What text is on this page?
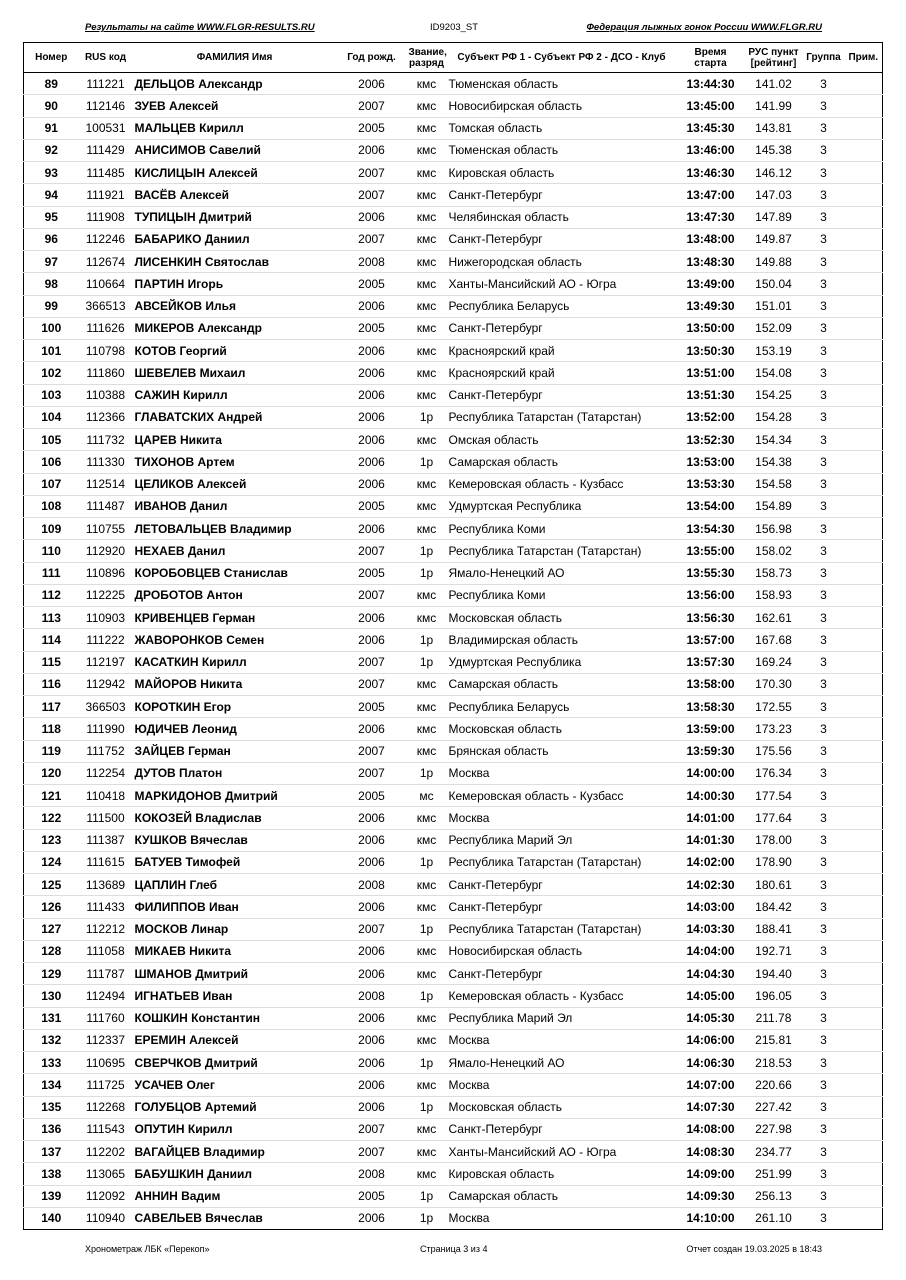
Результаты на сайте WWW.FLGR-RESULTS.RU	ID9203_ST	Федерация лыжных гонок России WWW.FLGR.RU
Номер	RUS код	ФАМИЛИЯ Имя	Год рожд.	Звание, разряд	Субъект РФ 1 - Субъект РФ 2 - ДСО - Клуб	Время старта	РУС пункт [рейтинг]	Группа	Прим.
89	111221	ДЕЛЬЦОВ Александр	2006	кмс	Тюменская область	13:44:30	141.02	3	
90	112146	ЗУЕВ Алексей	2007	кмс	Новосибирская область	13:45:00	141.99	3	
91	100531	МАЛЬЦЕВ Кирилл	2005	кмс	Томская область	13:45:30	143.81	3	
92	111429	АНИСИМОВ Савелий	2006	кмс	Тюменская область	13:46:00	145.38	3	
93	111485	КИСЛИЦЫН Алексей	2007	кмс	Кировская область	13:46:30	146.12	3	
94	111921	ВАСЁВ Алексей	2007	кмс	Санкт-Петербург	13:47:00	147.03	3	
95	111908	ТУПИЦЫН Дмитрий	2006	кмс	Челябинская область	13:47:30	147.89	3	
96	112246	БАБАРИКО Даниил	2007	кмс	Санкт-Петербург	13:48:00	149.87	3	
97	112674	ЛИСЕНКИН Святослав	2008	кмс	Нижегородская область	13:48:30	149.88	3	
98	110664	ПАРТИН Игорь	2005	кмс	Ханты-Мансийский АО - Югра	13:49:00	150.04	3	
99	366513	АВСЕЙКОВ Илья	2006	кмс	Республика Беларусь	13:49:30	151.01	3	
100	111626	МИКЕРОВ Александр	2005	кмс	Санкт-Петербург	13:50:00	152.09	3	
101	110798	КОТОВ Георгий	2006	кмс	Красноярский край	13:50:30	153.19	3	
102	111860	ШЕВЕЛЕВ Михаил	2006	кмс	Красноярский край	13:51:00	154.08	3	
103	110388	САЖИН Кирилл	2006	кмс	Санкт-Петербург	13:51:30	154.25	3	
104	112366	ГЛАВАТСКИХ Андрей	2006	1р	Республика Татарстан (Татарстан)	13:52:00	154.28	3	
105	111732	ЦАРЕВ Никита	2006	кмс	Омская область	13:52:30	154.34	3	
106	111330	ТИХОНОВ Артем	2006	1р	Самарская область	13:53:00	154.38	3	
107	112514	ЦЕЛИКОВ Алексей	2006	кмс	Кемеровская область - Кузбасс	13:53:30	154.58	3	
108	111487	ИВАНОВ Данил	2005	кмс	Удмуртская Республика	13:54:00	154.89	3	
109	110755	ЛЕТОВАЛЬЦЕВ Владимир	2006	кмс	Республика Коми	13:54:30	156.98	3	
110	112920	НЕХАЕВ Данил	2007	1р	Республика Татарстан (Татарстан)	13:55:00	158.02	3	
111	110896	КОРОБОВЦЕВ Станислав	2005	1р	Ямало-Ненецкий АО	13:55:30	158.73	3	
112	112225	ДРОБОТОВ Антон	2007	кмс	Республика Коми	13:56:00	158.93	3	
113	110903	КРИВЕНЦЕВ Герман	2006	кмс	Московская область	13:56:30	162.61	3	
114	111222	ЖАВОРОНКОВ Семен	2006	1р	Владимирская область	13:57:00	167.68	3	
115	112197	КАСАТКИН Кирилл	2007	1р	Удмуртская Республика	13:57:30	169.24	3	
116	112942	МАЙОРОВ Никита	2007	кмс	Самарская область	13:58:00	170.30	3	
117	366503	КОРОТКИН Егор	2005	кмс	Республика Беларусь	13:58:30	172.55	3	
118	111990	ЮДИЧЕВ Леонид	2006	кмс	Московская область	13:59:00	173.23	3	
119	111752	ЗАЙЦЕВ Герман	2007	кмс	Брянская область	13:59:30	175.56	3	
120	112254	ДУТОВ Платон	2007	1р	Москва	14:00:00	176.34	3	
121	110418	МАРКИДОНОВ Дмитрий	2005	мс	Кемеровская область - Кузбасс	14:00:30	177.54	3	
122	111500	КОКОЗЕЙ Владислав	2006	кмс	Москва	14:01:00	177.64	3	
123	111387	КУШКОВ Вячеслав	2006	кмс	Республика Марий Эл	14:01:30	178.00	3	
124	111615	БАТУЕВ Тимофей	2006	1р	Республика Татарстан (Татарстан)	14:02:00	178.90	3	
125	113689	ЦАПЛИН Глеб	2008	кмс	Санкт-Петербург	14:02:30	180.61	3	
126	111433	ФИЛИППОВ Иван	2006	кмс	Санкт-Петербург	14:03:00	184.42	3	
127	112212	МОСКОВ Линар	2007	1р	Республика Татарстан (Татарстан)	14:03:30	188.41	3	
128	111058	МИКАЕВ Никита	2006	кмс	Новосибирская область	14:04:00	192.71	3	
129	111787	ШМАНОВ Дмитрий	2006	кмс	Санкт-Петербург	14:04:30	194.40	3	
130	112494	ИГНАТЬЕВ Иван	2008	1р	Кемеровская область - Кузбасс	14:05:00	196.05	3	
131	111760	КОШКИН Константин	2006	кмс	Республика Марий Эл	14:05:30	211.78	3	
132	112337	ЕРЕМИН Алексей	2006	кмс	Москва	14:06:00	215.81	3	
133	110695	СВЕРЧКОВ Дмитрий	2006	1р	Ямало-Ненецкий АО	14:06:30	218.53	3	
134	111725	УСАЧЕВ Олег	2006	кмс	Москва	14:07:00	220.66	3	
135	112268	ГОЛУБЦОВ Артемий	2006	1р	Московская область	14:07:30	227.42	3	
136	111543	ОПУТИН Кирилл	2007	кмс	Санкт-Петербург	14:08:00	227.98	3	
137	112202	ВАГАЙЦЕВ Владимир	2007	кмс	Ханты-Мансийский АО - Югра	14:08:30	234.77	3	
138	113065	БАБУШКИН Даниил	2008	кмс	Кировская область	14:09:00	251.99	3	
139	112092	АННИН Вадим	2005	1р	Самарская область	14:09:30	256.13	3	
140	110940	САВЕЛЬЕВ Вячеслав	2006	1р	Москва	14:10:00	261.10	3	
Хронометраж ЛБК «Перекоп»	Страница 3 из 4	Отчет создан 19.03.2025 в 18:43
